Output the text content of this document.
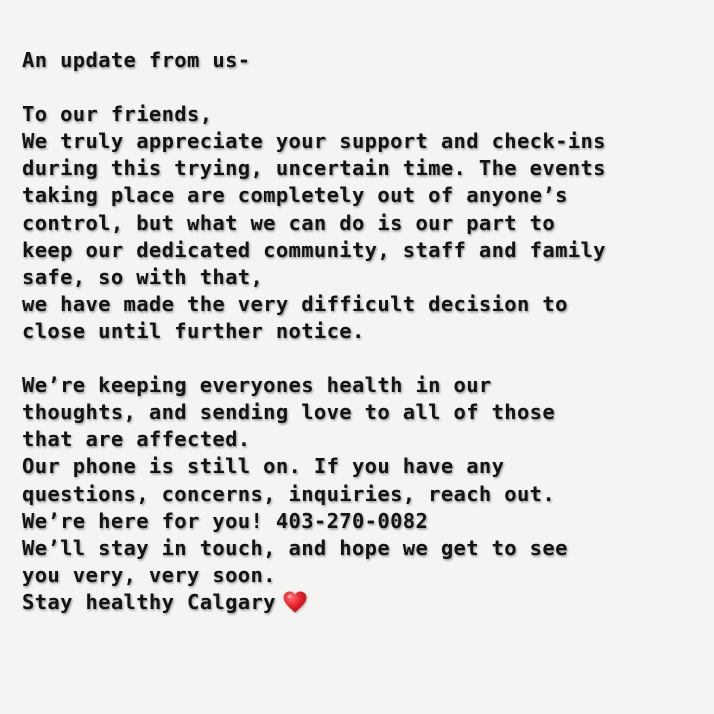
An update from us-
To our friends,
We truly appreciate your support and check-ins
during this trying, uncertain time. The events
taking place are completely out of anyone’s
control, but what we can do is our part to
keep our dedicated community, staff and family
safe, so with that,
we have made the very difficult decision to
close until further notice.
We’re keeping everyones health in our
thoughts, and sending love to all of those
that are affected.
Our phone is still on. If you have any
questions, concerns, inquiries, reach out.
We’re here for you! 403-270-0082
We’ll stay in touch, and hope we get to see
you very, very soon.
Stay healthy Calgary
